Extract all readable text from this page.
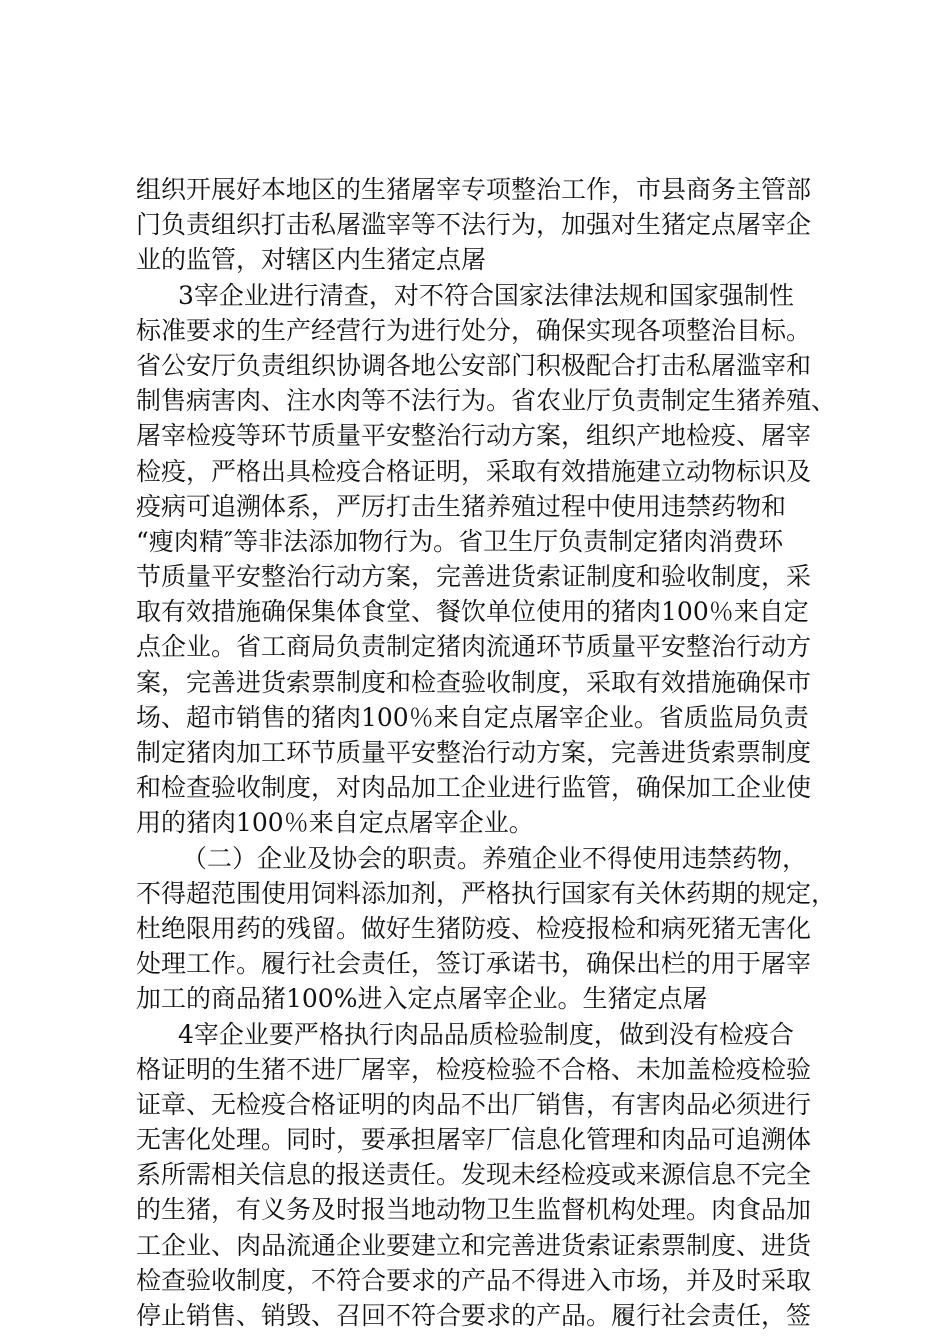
组织开展好本地区的生猪屠宰专项整治工作，市县商务主管部
门负责组织打击私屠滥宰等不法行为，加强对生猪定点屠宰企
业的监管，对辖区内生猪定点屠
3宰企业进行清查，对不符合国家法律法规和国家强制性
标准要求的生产经营行为进行处分，确保实现各项整治目标。
省公安厅负责组织协调各地公安部门积极配合打击私屠滥宰和
制售病害肉、注水肉等不法行为。省农业厅负责制定生猪养殖、
屠宰检疫等环节质量平安整治行动方案，组织产地检疫、屠宰
检疫，严格出具检疫合格证明，采取有效措施建立动物标识及
疫病可追溯体系，严厉打击生猪养殖过程中使用违禁药物和
“瘦肉精″等非法添加物行为。省卫生厅负责制定猪肉消费环
节质量平安整治行动方案，完善进货索证制度和验收制度，采
取有效措施确保集体食堂、餐饮单位使用的猪肉100％来自定
点企业。省工商局负责制定猪肉流通环节质量平安整治行动方
案，完善进货索票制度和检查验收制度，采取有效措施确保市
场、超市销售的猪肉100％来自定点屠宰企业。省质监局负责
制定猪肉加工环节质量平安整治行动方案，完善进货索票制度
和检查验收制度，对肉品加工企业进行监管，确保加工企业使
用的猪肉100％来自定点屠宰企业。
（二）企业及协会的职责。养殖企业不得使用违禁药物，
不得超范围使用饲料添加剂，严格执行国家有关休药期的规定，
杜绝限用药的残留。做好生猪防疫、检疫报检和病死猪无害化
处理工作。履行社会责任，签订承诺书，确保出栏的用于屠宰
加工的商品猪100%进入定点屠宰企业。生猪定点屠
4宰企业要严格执行肉品品质检验制度，做到没有检疫合
格证明的生猪不进厂屠宰，检疫检验不合格、未加盖检疫检验
证章、无检疫合格证明的肉品不出厂销售，有害肉品必须进行
无害化处理。同时，要承担屠宰厂信息化管理和肉品可追溯体
系所需相关信息的报送责任。发现未经检疫或来源信息不完全
的生猪，有义务及时报当地动物卫生监督机构处理。肉食品加
工企业、肉品流通企业要建立和完善进货索证索票制度、进货
检查验收制度，不符合要求的产品不得进入市场，并及时采取
停止销售、销毁、召回不符合要求的产品。履行社会责任，签
